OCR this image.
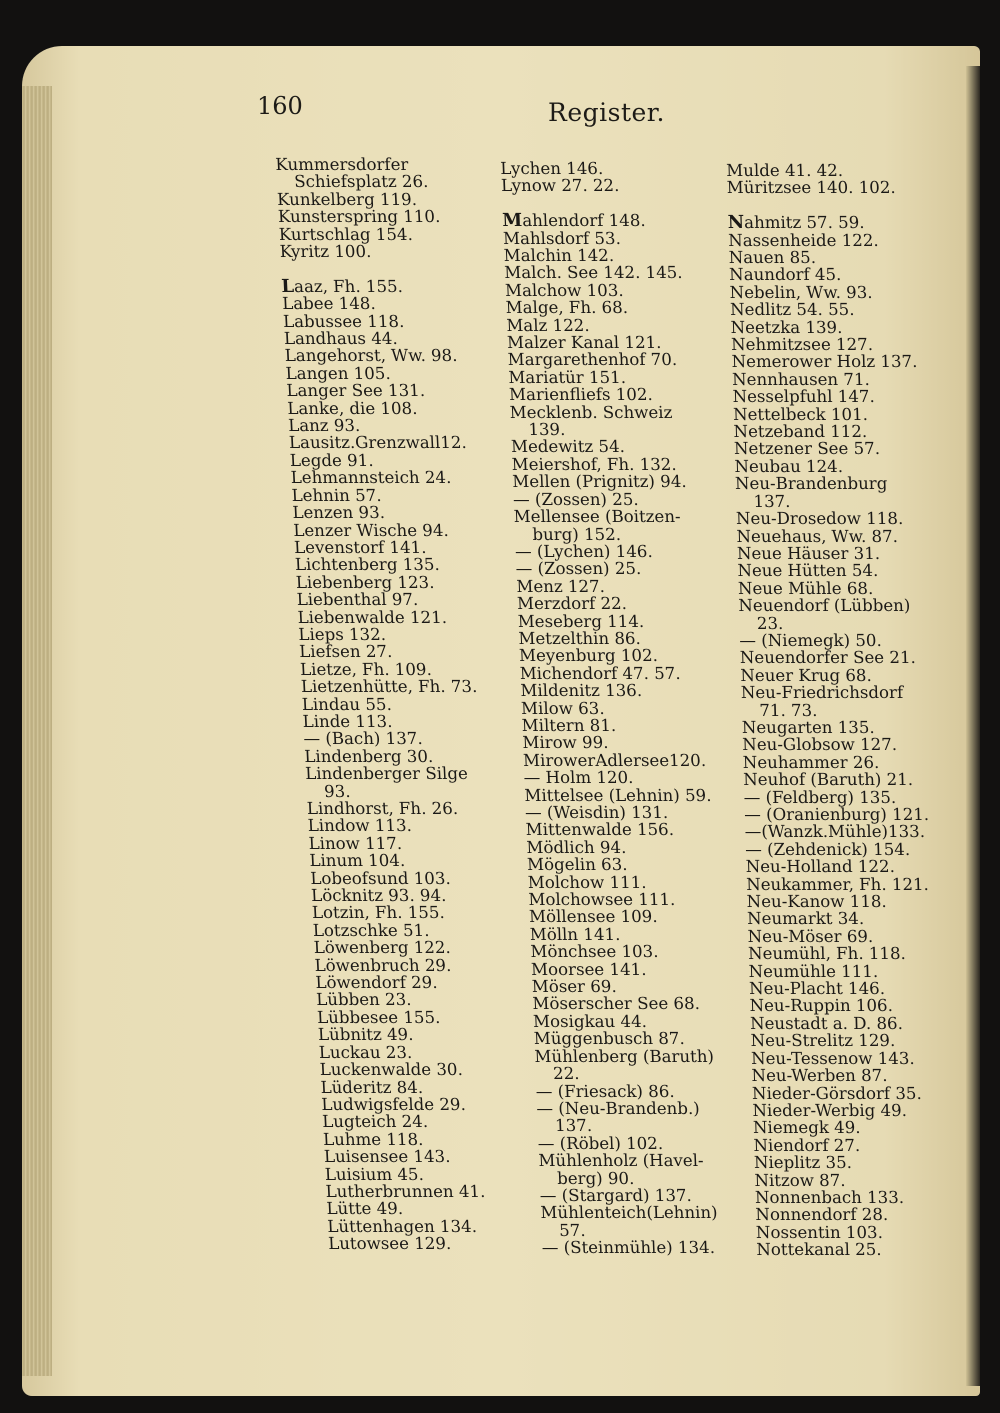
160	Register.
Kummersdorfer
Schiefsplatz 26.
Kunkelberg 119.
Kunsterspring 110.
Kurtschlag 154.
Kyritz 100.
Laaz, Fh. 155.
Labee 148.
Labussee 118.
Landhaus 44.
Langehorst, Ww. 98.
Langen 105.
Langer See 131.
Lanke, die 108.
Lanz 93.
Lausitz.Grenzwall12.
Legde 91.
Lehmannsteich 24.
Lehnin 57.
Lenzen 93.
Lenzer Wische 94.
Levenstorf 141.
Lichtenberg 135.
Liebenberg 123.
Liebenthal 97.
Liebenwalde 121.
Lieps 132.
Liefsen 27.
Lietze, Fh. 109.
Lietzenhütte, Fh. 73.
Lindau 55.
Linde 113.
— (Bach) 137.
Lindenberg 30.
Lindenberger Silge
93.
Lindhorst, Fh. 26.
Lindow 113.
Linow 117.
Linum 104.
Lobeofsund 103.
Löcknitz 93. 94.
Lotzin, Fh. 155.
Lotzschke 51.
Löwenberg 122.
Löwenbruch 29.
Löwendorf 29.
Lübben 23.
Lübbesee 155.
Lübnitz 49.
Luckau 23.
Luckenwalde 30.
Lüderitz 84.
Ludwigsfelde 29.
Lugteich 24.
Luhme 118.
Luisensee 143.
Luisium 45.
Lutherbrunnen 41.
Lütte 49.
Lüttenhagen 134.
Lutowsee 129.
Lychen 146.
Lynow 27. 22.
Mahlendorf 148.
Mahlsdorf 53.
Malchin 142.
Malch. See 142. 145.
Malchow 103.
Malge, Fh. 68.
Malz 122.
Malzer Kanal 121.
Margarethenhof 70.
Mariatür 151.
Marienfliefs 102.
Mecklenb. Schweiz
139.
Medewitz 54.
Meiershof, Fh. 132.
Mellen (Prignitz) 94.
— (Zossen) 25.
Mellensee (Boitzen-
burg) 152.
— (Lychen) 146.
— (Zossen) 25.
Menz 127.
Merzdorf 22.
Meseberg 114.
Metzelthin 86.
Meyenburg 102.
Michendorf 47. 57.
Mildenitz 136.
Milow 63.
Miltern 81.
Mirow 99.
MirowerAdlersee120.
— Holm 120.
Mittelsee (Lehnin) 59.
— (Weisdin) 131.
Mittenwalde 156.
Mödlich 94.
Mögelin 63.
Molchow 111.
Molchowsee 111.
Möllensee 109.
Mölln 141.
Mönchsee 103.
Moorsee 141.
Möser 69.
Möserscher See 68.
Mosigkau 44.
Müggenbusch 87.
Mühlenberg (Baruth)
22.
— (Friesack) 86.
— (Neu-Brandenb.)
137.
— (Röbel) 102.
Mühlenholz (Havel-
berg) 90.
— (Stargard) 137.
Mühlenteich(Lehnin)
57.
— (Steinmühle) 134.
Mulde 41. 42.
Müritzsee 140. 102.
Nahmitz 57. 59.
Nassenheide 122.
Nauen 85.
Naundorf 45.
Nebelin, Ww. 93.
Nedlitz 54. 55.
Neetzka 139.
Nehmitzsee 127.
Nemerower Holz 137.
Nennhausen 71.
Nesselpfuhl 147.
Nettelbeck 101.
Netzeband 112.
Netzener See 57.
Neubau 124.
Neu-Brandenburg
137.
Neu-Drosedow 118.
Neuehaus, Ww. 87.
Neue Häuser 31.
Neue Hütten 54.
Neue Mühle 68.
Neuendorf (Lübben)
23.
— (Niemegk) 50.
Neuendorfer See 21.
Neuer Krug 68.
Neu-Friedrichsdorf
71. 73.
Neugarten 135.
Neu-Globsow 127.
Neuhammer 26.
Neuhof (Baruth) 21.
— (Feldberg) 135.
— (Oranienburg) 121.
—(Wanzk.Mühle)133.
— (Zehdenick) 154.
Neu-Holland 122.
Neukammer, Fh. 121.
Neu-Kanow 118.
Neumarkt 34.
Neu-Möser 69.
Neumühl, Fh. 118.
Neumühle 111.
Neu-Placht 146.
Neu-Ruppin 106.
Neustadt a. D. 86.
Neu-Strelitz 129.
Neu-Tessenow 143.
Neu-Werben 87.
Nieder-Görsdorf 35.
Nieder-Werbig 49.
Niemegk 49.
Niendorf 27.
Nieplitz 35.
Nitzow 87.
Nonnenbach 133.
Nonnendorf 28.
Nossentin 103.
Nottekanal 25.
